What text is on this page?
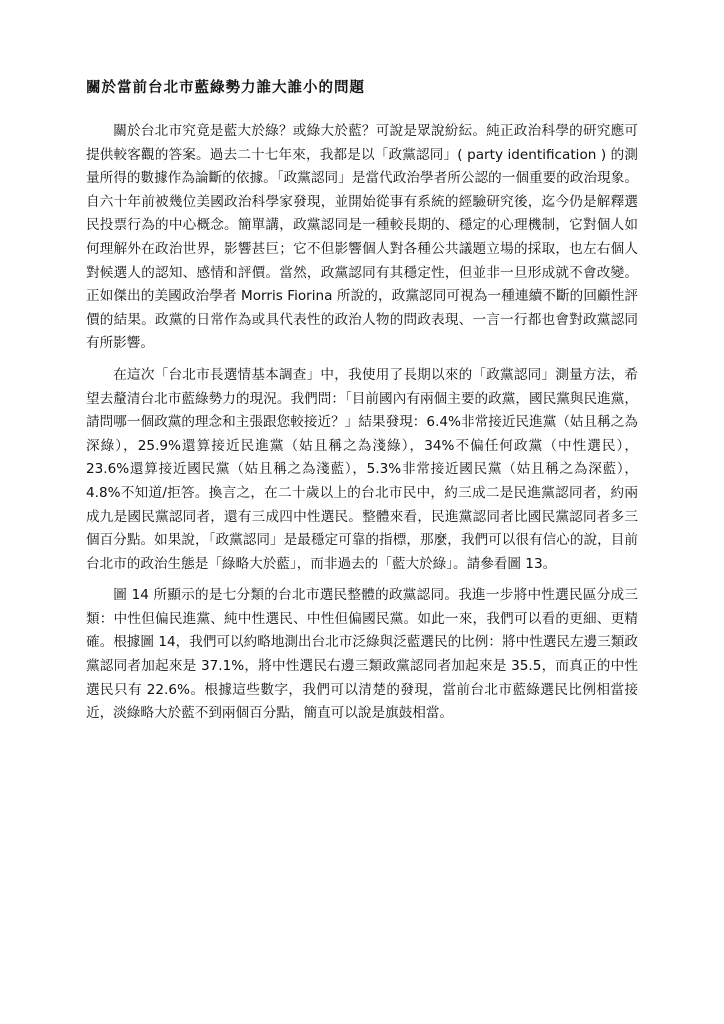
關於當前台北市藍綠勢力誰大誰小的問題

關於台北市究竟是藍大於綠？或綠大於藍？可說是眾說紛紜。純正政治科學的研究應可提供較客觀的答案。過去二十七年來，我都是以「政黨認同」( party identification ) 的測量所得的數據作為論斷的依據。「政黨認同」是當代政治學者所公認的一個重要的政治現象。自六十年前被幾位美國政治科學家發現，並開始從事有系統的經驗研究後，迄今仍是解釋選民投票行為的中心概念。簡單講，政黨認同是一種較長期的、穩定的心理機制，它對個人如何理解外在政治世界，影響甚巨；它不但影響個人對各種公共議題立場的採取，也左右個人對候選人的認知、感情和評價。當然，政黨認同有其穩定性，但並非一旦形成就不會改變。正如傑出的美國政治學者 Morris Fiorina 所說的，政黨認同可視為一種連續不斷的回顧性評價的結果。政黨的日常作為或具代表性的政治人物的問政表現、一言一行都也會對政黨認同有所影響。

在這次「台北市長選情基本調查」中，我使用了長期以來的「政黨認同」測量方法，希望去釐清台北市藍綠勢力的現況。我們問：「目前國內有兩個主要的政黨，國民黨與民進黨，請問哪一個政黨的理念和主張跟您較接近？」結果發現：6.4%非常接近民進黨（姑且稱之為深綠），25.9%還算接近民進黨（姑且稱之為淺綠），34%不偏任何政黨（中性選民），23.6%還算接近國民黨（姑且稱之為淺藍），5.3%非常接近國民黨（姑且稱之為深藍），4.8%不知道/拒答。換言之，在二十歲以上的台北市民中，約三成二是民進黨認同者，約兩成九是國民黨認同者，還有三成四中性選民。整體來看，民進黨認同者比國民黨認同者多三個百分點。如果說，「政黨認同」是最穩定可靠的指標，那麼，我們可以很有信心的說，目前台北市的政治生態是「綠略大於藍」，而非過去的「藍大於綠」。請參看圖 13。

圖 14 所顯示的是七分類的台北市選民整體的政黨認同。我進一步將中性選民區分成三類：中性但偏民進黨、純中性選民、中性但偏國民黨。如此一來，我們可以看的更細、更精確。根據圖 14，我們可以約略地測出台北市泛綠與泛藍選民的比例：將中性選民左邊三類政黨認同者加起來是 37.1%，將中性選民右邊三類政黨認同者加起來是 35.5，而真正的中性選民只有 22.6%。根據這些數字，我們可以清楚的發現，當前台北市藍綠選民比例相當接近，淡綠略大於藍不到兩個百分點，簡直可以說是旗鼓相當。
